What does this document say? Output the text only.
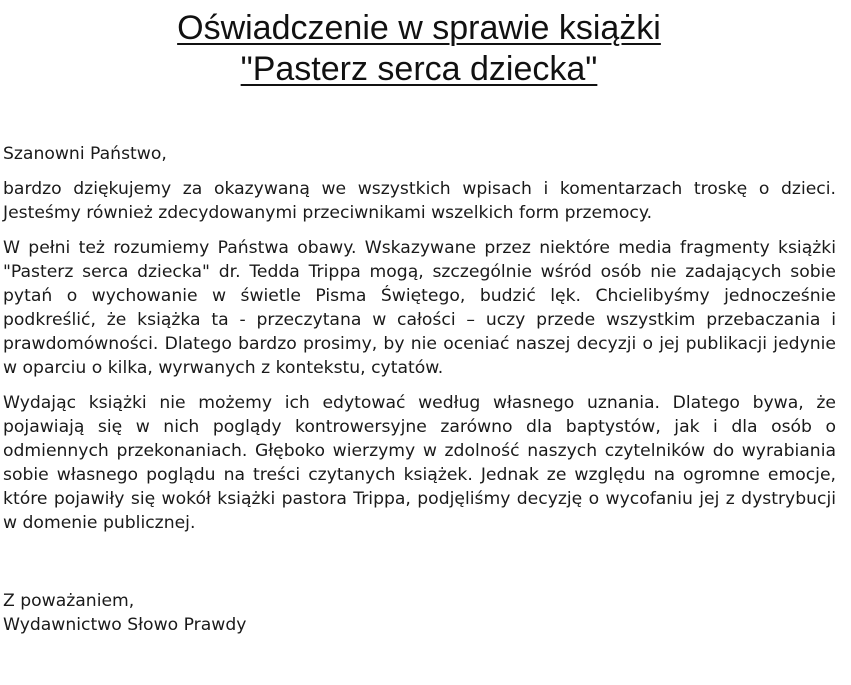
Oświadczenie w sprawie książki
"Pasterz serca dziecka"

Szanowni Państwo,

bardzo dziękujemy za okazywaną we wszystkich wpisach i komentarzach troskę o dzieci. Jesteśmy również zdecydowanymi przeciwnikami wszelkich form przemocy.

W pełni też rozumiemy Państwa obawy. Wskazywane przez niektóre media fragmenty książki "Pasterz serca dziecka" dr. Tedda Trippa mogą, szczególnie wśród osób nie zadających sobie pytań o wychowanie w świetle Pisma Świętego, budzić lęk. Chcielibyśmy jednocześnie podkreślić, że książka ta - przeczytana w całości – uczy przede wszystkim przebaczania i prawdomówności. Dlatego bardzo prosimy, by nie oceniać naszej decyzji o jej publikacji jedynie w oparciu o kilka, wyrwanych z kontekstu, cytatów.

Wydając książki nie możemy ich edytować według własnego uznania. Dlatego bywa, że pojawiają się w nich poglądy kontrowersyjne zarówno dla baptystów, jak i dla osób o odmiennych przekonaniach. Głęboko wierzymy w zdolność naszych czytelników do wyrabiania sobie własnego poglądu na treści czytanych książek. Jednak ze względu na ogromne emocje, które pojawiły się wokół książki pastora Trippa, podjęliśmy decyzję o wycofaniu jej z dystrybucji w domenie publicznej.

Z poważaniem,
Wydawnictwo Słowo Prawdy
